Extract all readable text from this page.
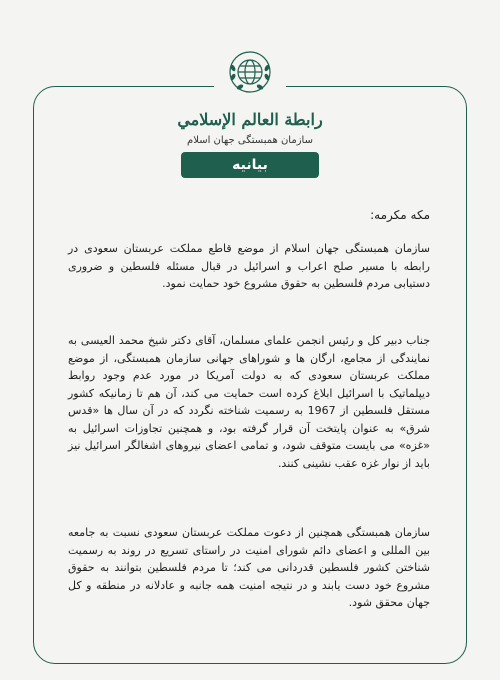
رابطة العالم الإسلامي
سازمان همبستگی جهان اسلام
بیانیه
مکه مکرمه:
سازمان همبستگی جهان اسلام از موضع قاطع مملکت عربستان سعودی در رابطه با مسیر صلح اعراب و اسرائیل در قبال مسئله فلسطین و ضروری دستیابی مردم فلسطین به حقوق مشروع خود حمایت نمود.
جناب دبیر کل و رئیس انجمن علمای مسلمان، آقای دکتر شیخ محمد العیسی به نمایندگی از مجامع، ارگان ها و شوراهای جهانی سازمان همبستگی، از موضع مملکت عربستان سعودی که به دولت آمریکا در مورد عدم وجود روابط دیپلماتیک با اسرائیل ابلاغ کرده است حمایت می کند، آن هم تا زمانیکه کشور مستقل فلسطین از 1967 به رسمیت شناخته نگردد که در آن سال ها «قدس شرق» به عنوان پایتخت آن قرار گرفته بود، و همچنین تجاوزات اسرائیل به «غزه» می بایست متوقف شود، و تمامی اعضای نیروهای اشغالگر اسرائیل نیز باید از نوار غزه عقب نشینی کنند.
سازمان همبستگی همچنین از دعوت مملکت عربستان سعودی نسبت به جامعه بین المللی و اعضای دائم شورای امنیت در راستای تسریع در روند به رسمیت شناختن کشور فلسطین قدردانی می کند؛ تا مردم فلسطین بتوانند به حقوق مشروع خود دست یابند و در نتیجه امنیت همه جانبه و عادلانه در منطقه و کل جهان محقق شود.
